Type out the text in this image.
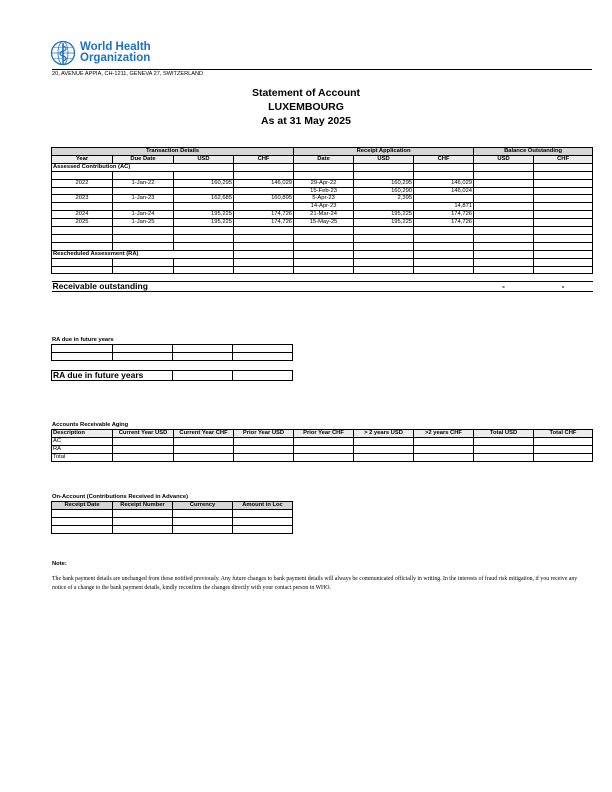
World Health
Organization
20, AVENUE APPIA, CH-1211, GENEVA 27, SWITZERLAND
Statement of Account
LUXEMBOURG
As at 31 May 2025
Transaction Details				Receipt Application			Balance Outstanding	
Year	Due Date	USD	CHF	Date	USD	CHF	USD	CHF
Assessed Contribution (AC)								

2022	1-Jan-22	160,295	146,029	29-Apr-22	160,295	146,029		
				15-Feb-23	160,290	146,024		
2023	1-Jan-23	162,685	160,895	5-Apr-23	2,395			
				14-Apr-23		14,871		
2024	1-Jan-24	195,225	174,726	21-Mar-24	195,225	174,726		
2025	1-Jan-25	195,225	174,726	15-May-25	195,225	174,726		

Rescheduled Assessment (RA)								

Receivable outstanding							-	-
RA due in future years

RA due in future years			
Accounts Receivable Aging
Description	Current Year USD	Current Year CHF	Prior Year USD	Prior Year CHF	> 2 years USD	>2 years CHF	Total USD	Total CHF
AC								
RA								
Total								
On-Account (Contributions Received in Advance)
Receipt Date	Receipt Number	Currency	Amount in Loc

Note:
The bank payment details are unchanged from those notified previously. Any future changes to bank payment details will always be communicated officially in writing. In the interests of fraud risk mitigation, if you receive any notice of a change to the bank payment details, kindly reconfirm the changes directly with your contact person in WHO.
